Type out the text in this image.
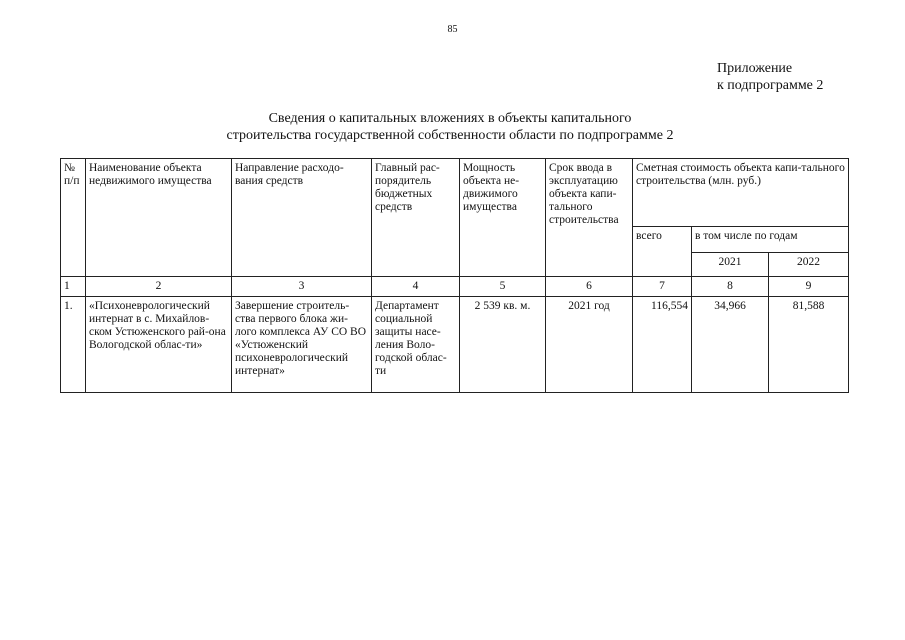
85
Приложение
к подпрограмме 2
Сведения о капитальных вложениях в объекты капитального
строительства государственной собственности области по подпрограмме 2
№
п/п	Наименование объекта недвижимого имущества	Направление расходо-вания средств	Главный рас-порядитель бюджетных средств	Мощность объекта не-движимого имущества	Срок ввода в эксплуатацию объекта капи-тального строительства	Сметная стоимость объекта капи-тального строительства (млн. руб.)		
						всего	в том числе по годам	
							2021	2022
1	2	3	4	5	6	7	8	9
1.	«Психоневрологический интернат в с. Михайлов-ском Устюженского рай-она Вологодской облас-ти»	Завершение строитель-ства первого блока жи-лого комплекса АУ СО ВО «Устюженский психоневрологический интернат»	Департамент социальной защиты насе-ления Воло-годской облас-ти	2 539 кв. м.	2021 год	116,554	34,966	81,588
